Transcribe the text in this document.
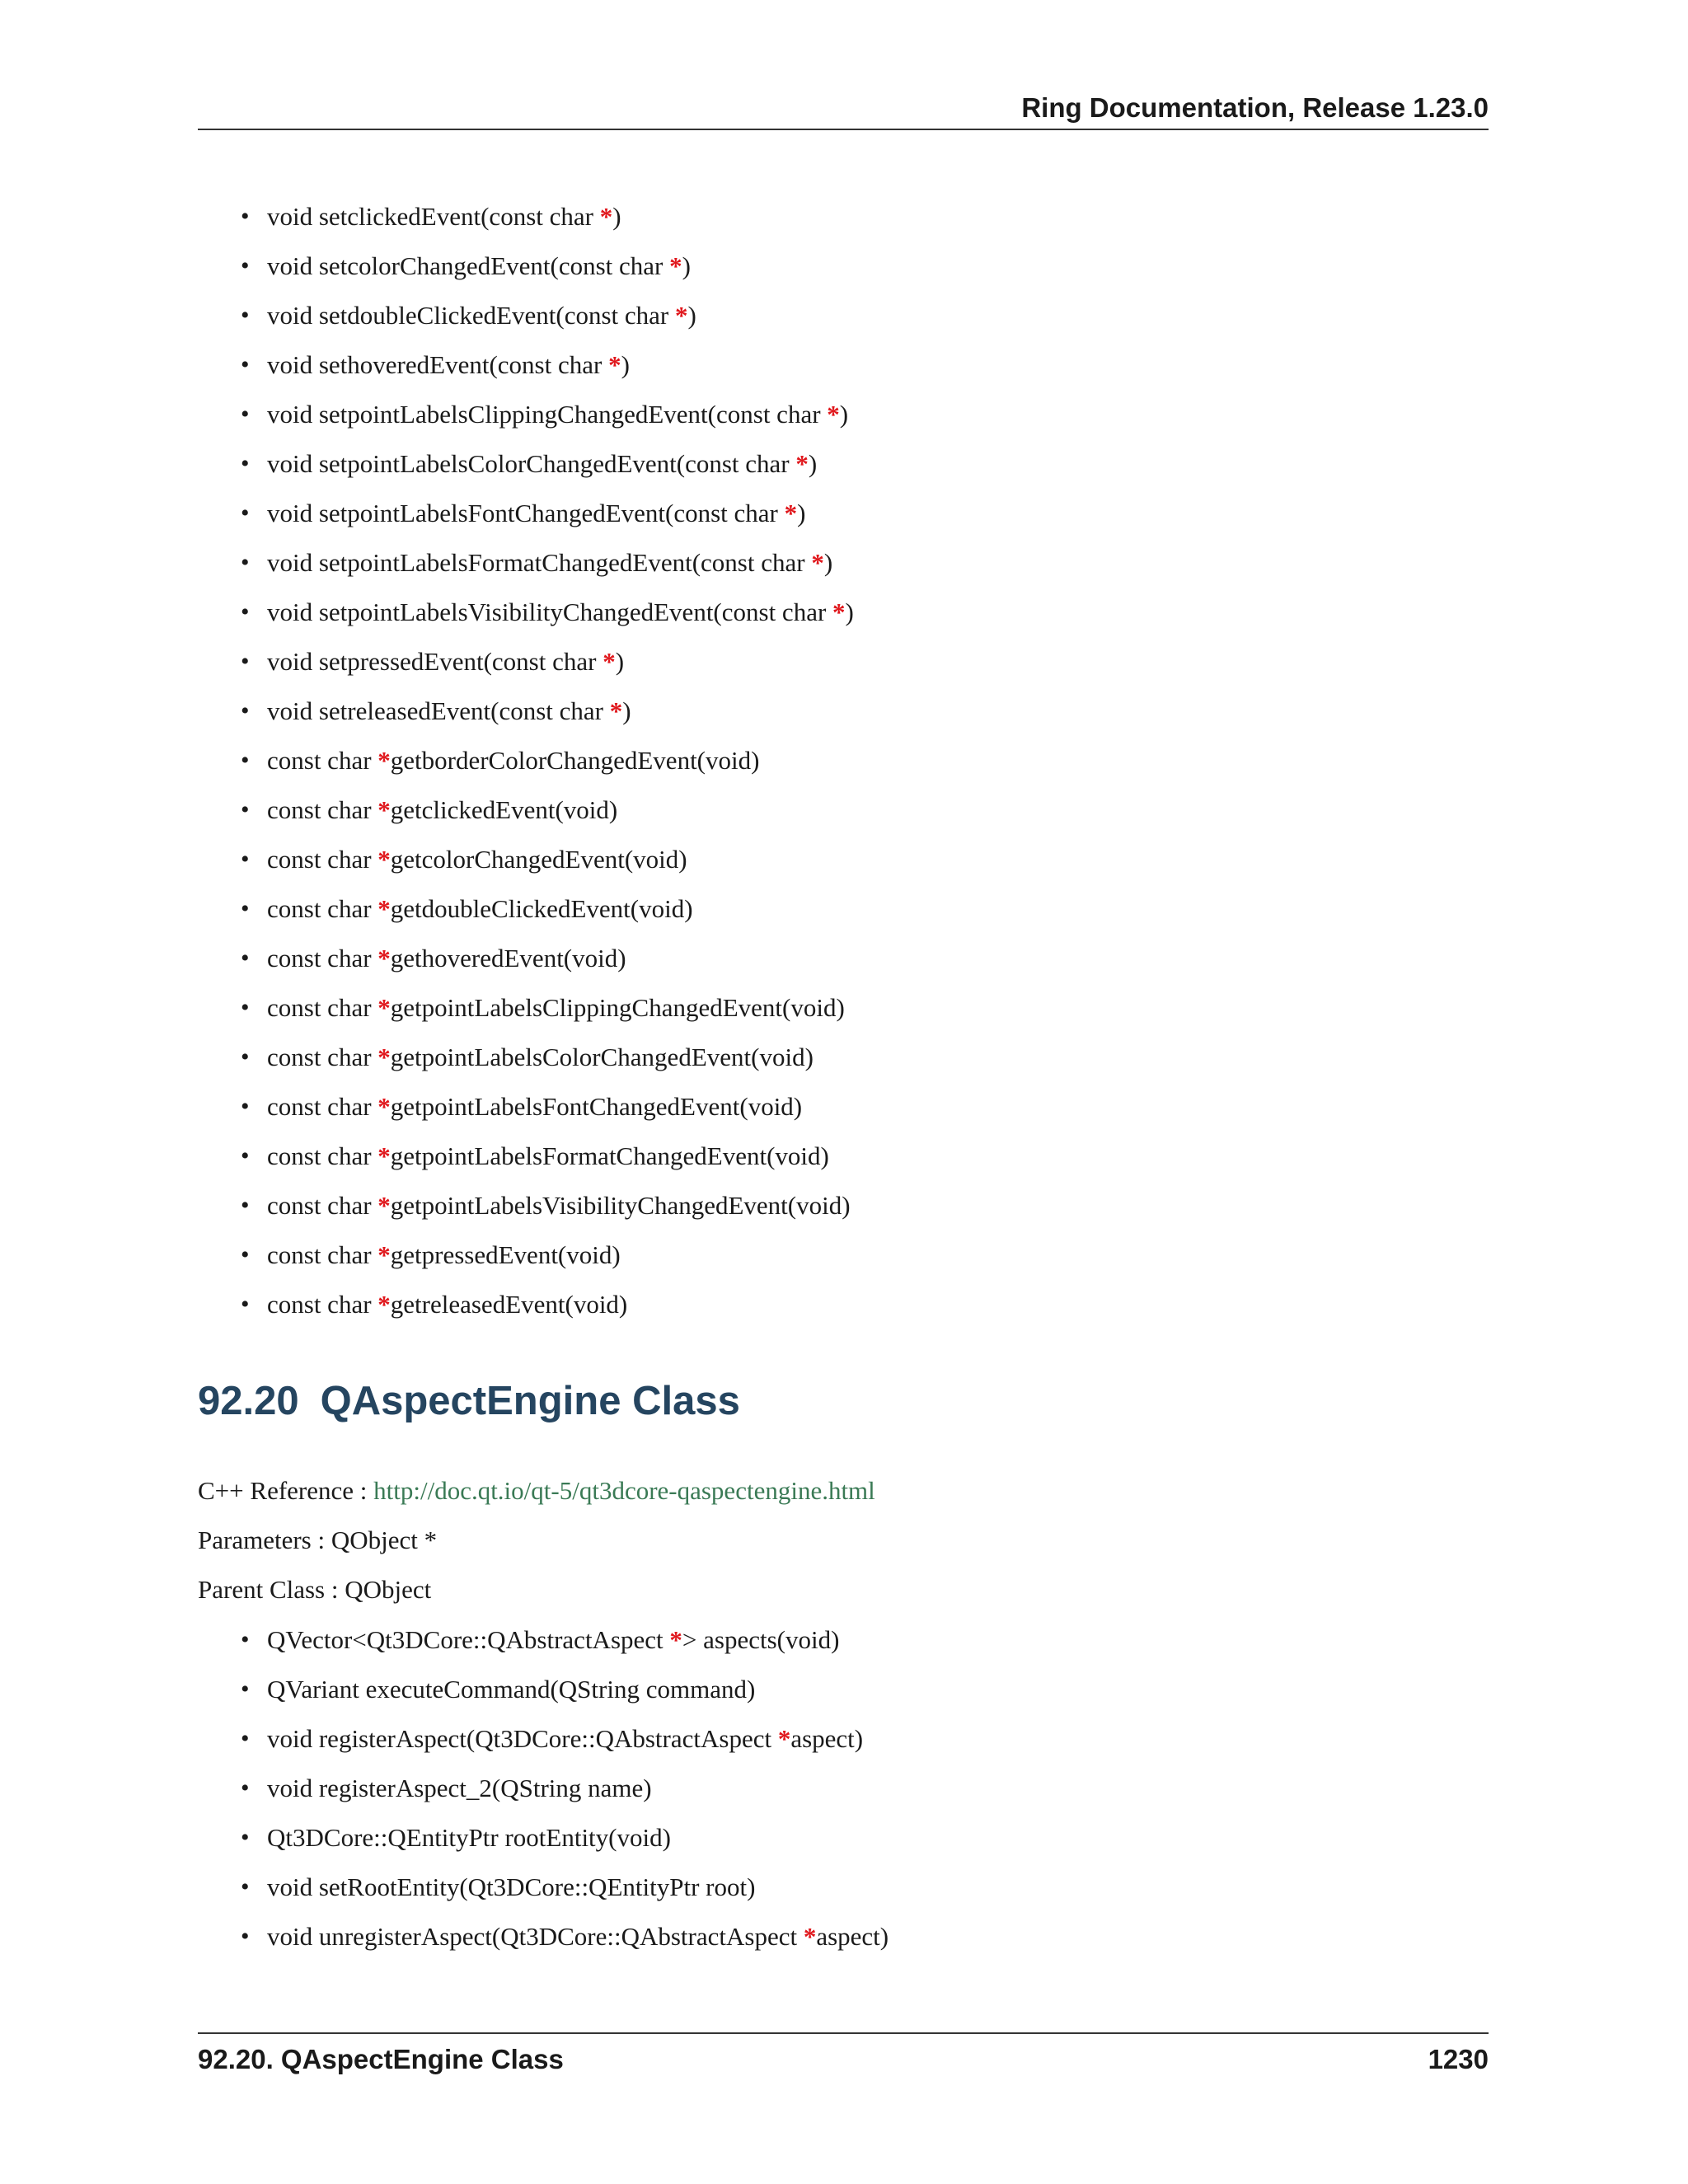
Ring Documentation, Release 1.23.0
• void setclickedEvent(const char *)
• void setcolorChangedEvent(const char *)
• void setdoubleClickedEvent(const char *)
• void sethoveredEvent(const char *)
• void setpointLabelsClippingChangedEvent(const char *)
• void setpointLabelsColorChangedEvent(const char *)
• void setpointLabelsFontChangedEvent(const char *)
• void setpointLabelsFormatChangedEvent(const char *)
• void setpointLabelsVisibilityChangedEvent(const char *)
• void setpressedEvent(const char *)
• void setreleasedEvent(const char *)
• const char *getborderColorChangedEvent(void)
• const char *getclickedEvent(void)
• const char *getcolorChangedEvent(void)
• const char *getdoubleClickedEvent(void)
• const char *gethoveredEvent(void)
• const char *getpointLabelsClippingChangedEvent(void)
• const char *getpointLabelsColorChangedEvent(void)
• const char *getpointLabelsFontChangedEvent(void)
• const char *getpointLabelsFormatChangedEvent(void)
• const char *getpointLabelsVisibilityChangedEvent(void)
• const char *getpressedEvent(void)
• const char *getreleasedEvent(void)
92.20 QAspectEngine Class
C++ Reference : http://doc.qt.io/qt-5/qt3dcore-qaspectengine.html
Parameters : QObject *
Parent Class : QObject
• QVector<Qt3DCore::QAbstractAspect *> aspects(void)
• QVariant executeCommand(QString command)
• void registerAspect(Qt3DCore::QAbstractAspect *aspect)
• void registerAspect_2(QString name)
• Qt3DCore::QEntityPtr rootEntity(void)
• void setRootEntity(Qt3DCore::QEntityPtr root)
• void unregisterAspect(Qt3DCore::QAbstractAspect *aspect)
92.20. QAspectEngine Class	1230
